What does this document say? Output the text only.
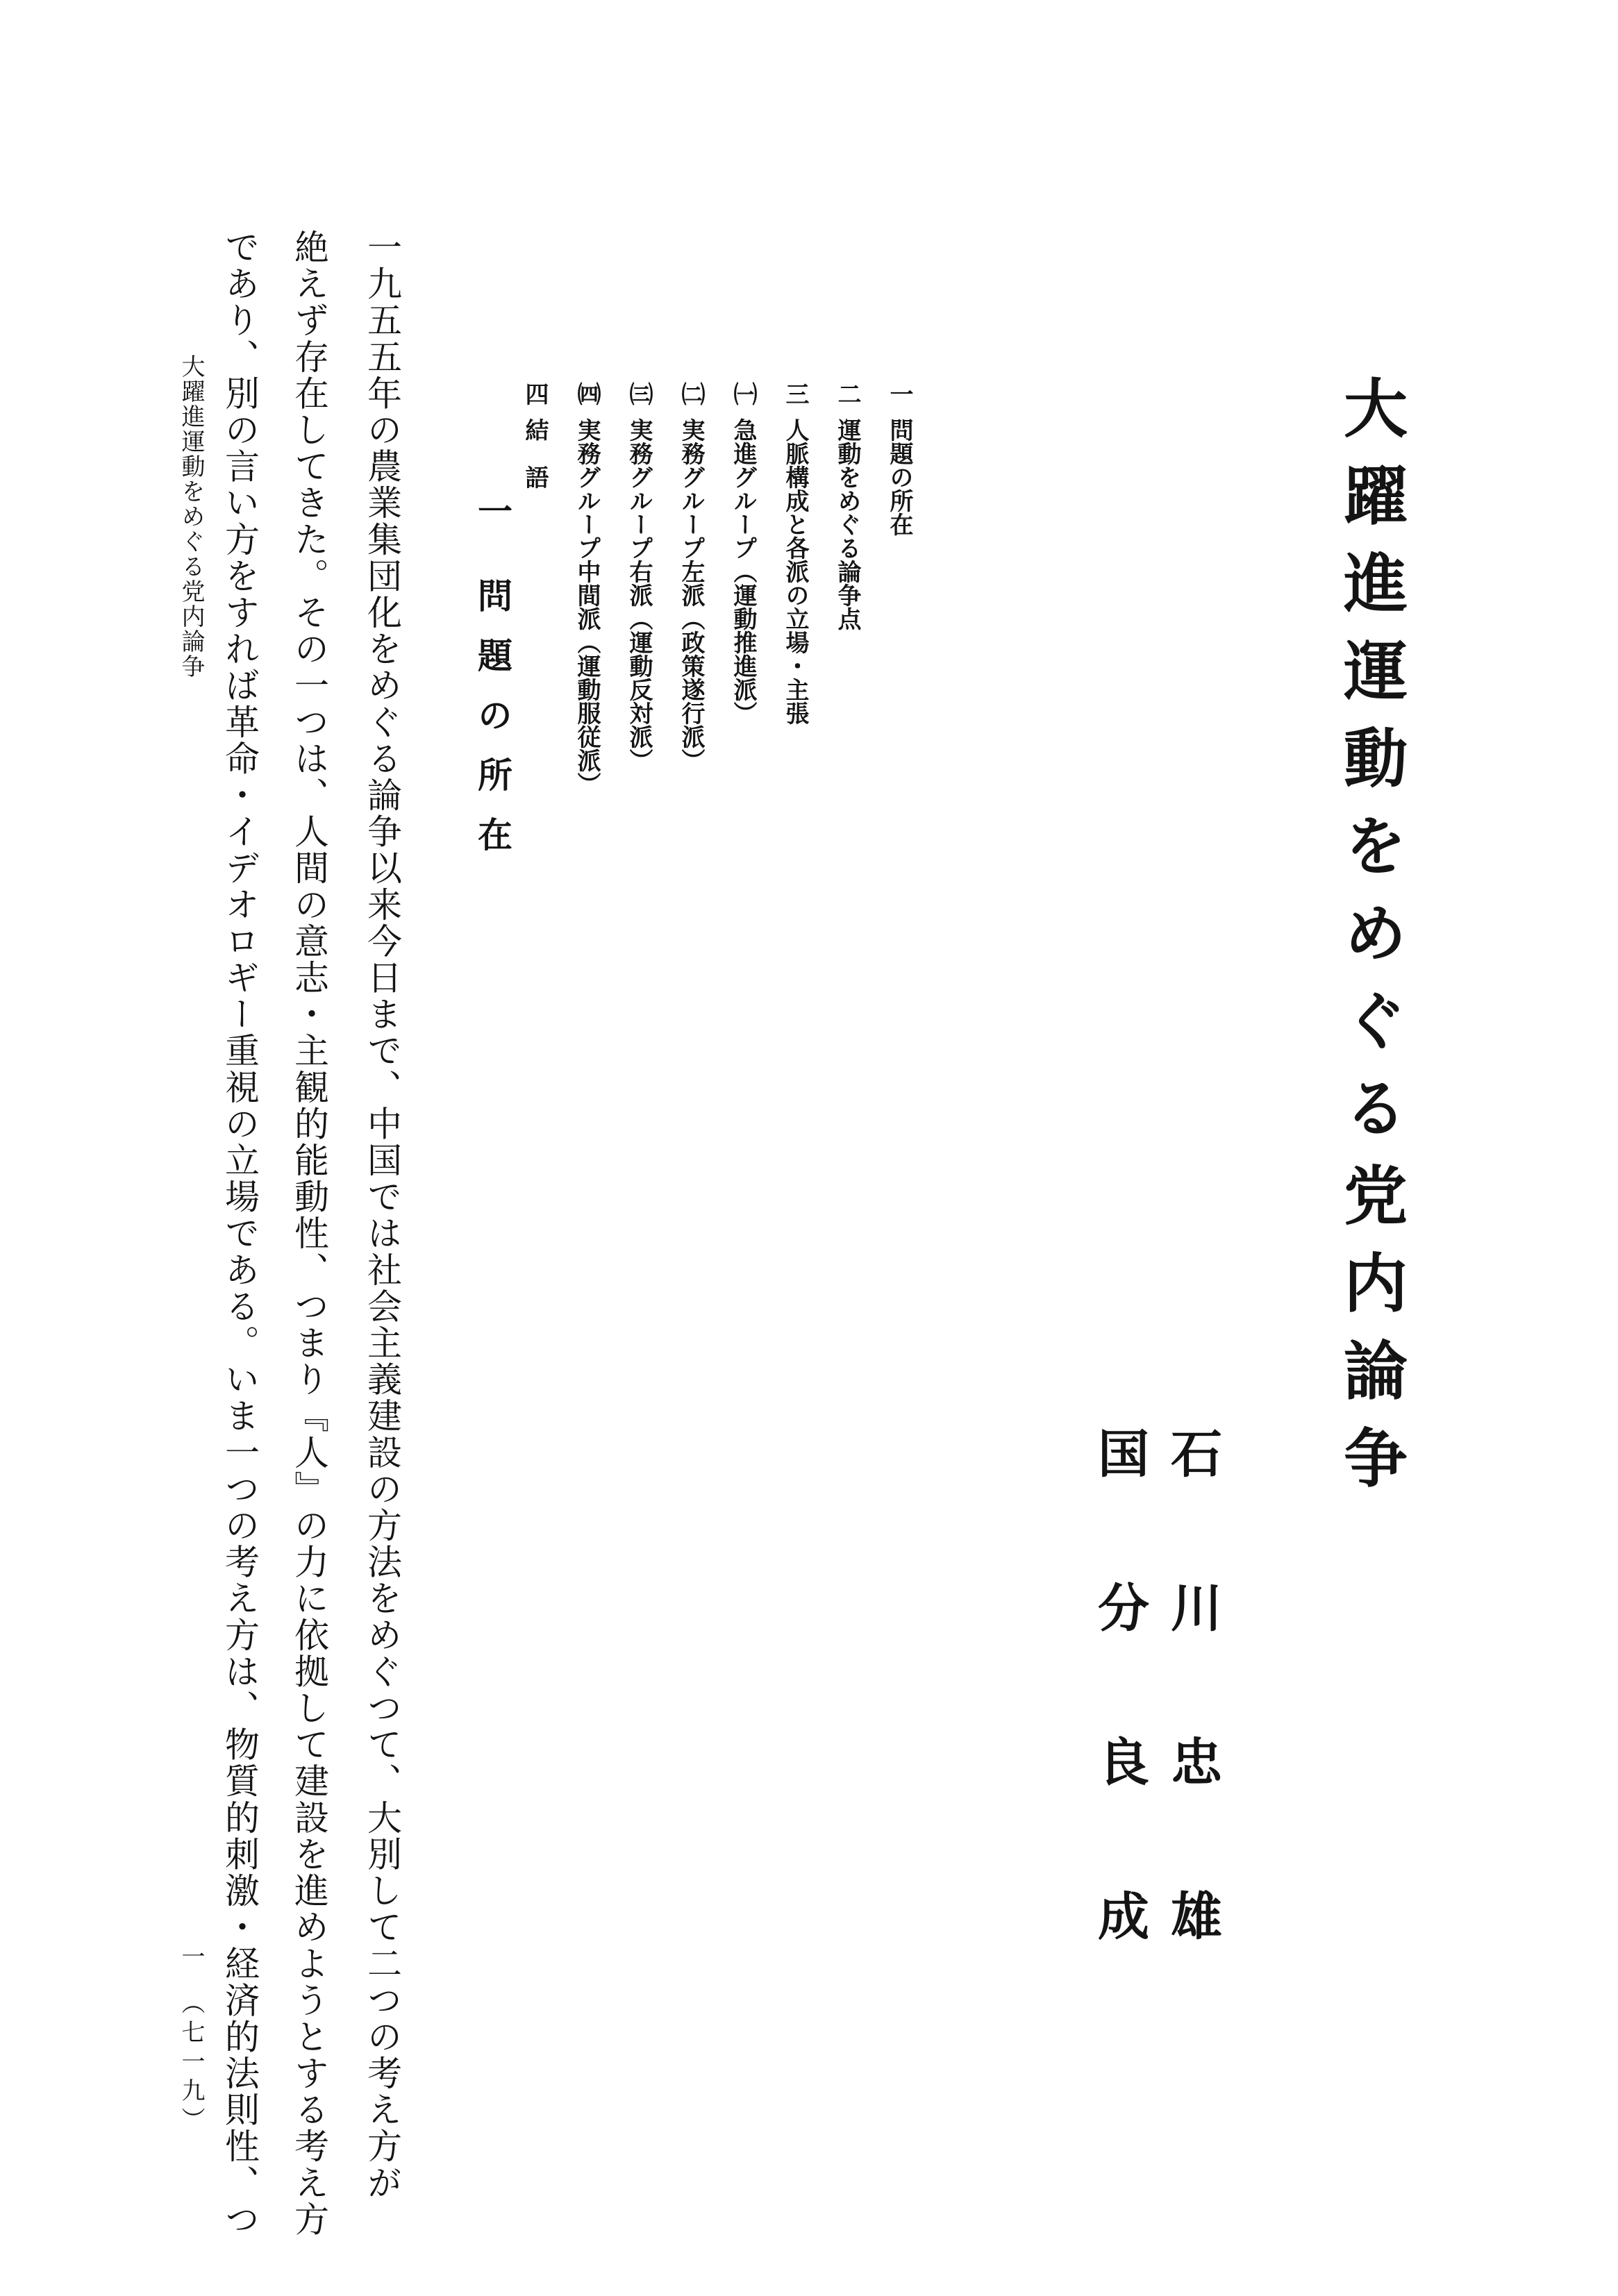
大躍進運動をめぐる党内論争
石川忠雄
国分良成
一
問題の所在
二
運動をめぐる論争点
三
人脈構成と各派の立場・主張
㈠
急進グループ（運動推進派）
㈡
実務グループ左派（政策遂行派）
㈢
実務グループ右派（運動反対派）
㈣
実務グループ中間派（運動服従派）
四
結　語
一問題の所在

一九五五年の農業集団化をめぐる論争以来今日まで、中国では社会主義建設の方法をめぐつて、大別して二つの考え方が

絶えず存在してきた。その一つは、人間の意志・主観的能動性、つまり『人』の力に依拠して建設を進めようとする考え方

であり、別の言い方をすれば革命・イデオロギー重視の立場である。いま一つの考え方は、物質的刺激・経済的法則性、つ

大躍進運動をめぐる党内論争
一　（七一九）
